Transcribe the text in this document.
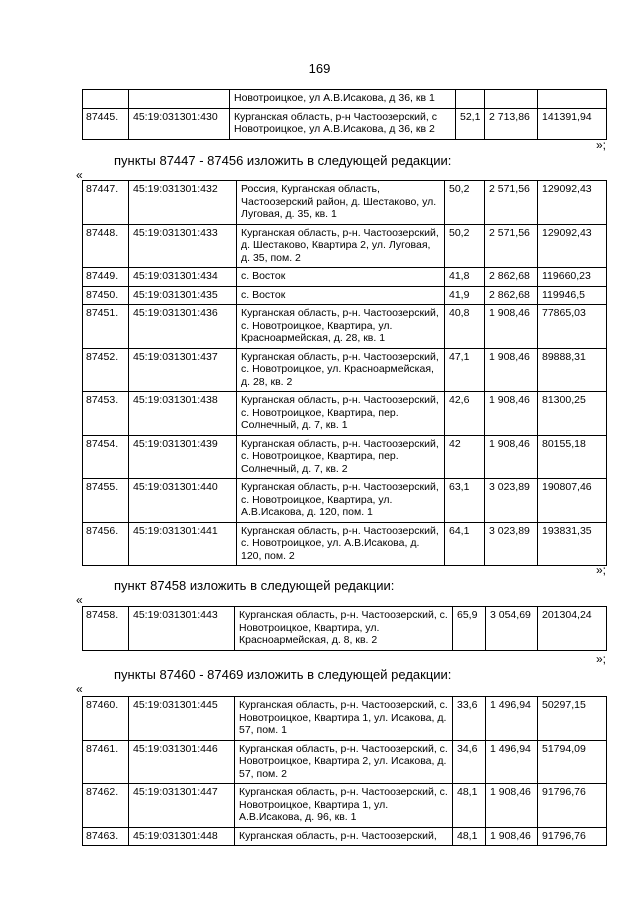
169
		Новотроицкое, ул А.В.Исакова, д 36, кв 1			
87445.	45:19:031301:430	Курганская область, р-н Частоозерский, с Новотроицкое, ул А.В.Исакова, д 36, кв 2	52,1	2 713,86	141391,94
»;
пункты 87447 - 87456 изложить в следующей редакции:
«
87447.	45:19:031301:432	Россия, Курганская область, Частоозерский район, д. Шестаково, ул. Луговая, д. 35, кв. 1	50,2	2 571,56	129092,43
87448.	45:19:031301:433	Курганская область, р-н. Частоозерский, д. Шестаково, Квартира 2, ул. Луговая, д. 35, пом. 2	50,2	2 571,56	129092,43
87449.	45:19:031301:434	с. Восток	41,8	2 862,68	119660,23
87450.	45:19:031301:435	с. Восток	41,9	2 862,68	119946,5
87451.	45:19:031301:436	Курганская область, р-н. Частоозерский, с. Новотроицкое, Квартира, ул. Красноармейская, д. 28, кв. 1	40,8	1 908,46	77865,03
87452.	45:19:031301:437	Курганская область, р-н. Частоозерский, с. Новотроицкое, ул. Красноармейская, д. 28, кв. 2	47,1	1 908,46	89888,31
87453.	45:19:031301:438	Курганская область, р-н. Частоозерский, с. Новотроицкое, Квартира, пер. Солнечный, д. 7, кв. 1	42,6	1 908,46	81300,25
87454.	45:19:031301:439	Курганская область, р-н. Частоозерский, с. Новотроицкое, Квартира, пер. Солнечный, д. 7, кв. 2	42	1 908,46	80155,18
87455.	45:19:031301:440	Курганская область, р-н. Частоозерский, с. Новотроицкое, Квартира, ул. А.В.Исакова, д. 120, пом. 1	63,1	3 023,89	190807,46
87456.	45:19:031301:441	Курганская область, р-н. Частоозерский, с. Новотроицкое, ул. А.В.Исакова, д. 120, пом. 2	64,1	3 023,89	193831,35
»;
пункт 87458 изложить в следующей редакции:
«
87458.	45:19:031301:443	Курганская область, р-н. Частоозерский, с. Новотроицкое, Квартира, ул. Красноармейская, д. 8, кв. 2	65,9	3 054,69	201304,24
»;
пункты 87460 - 87469 изложить в следующей редакции:
«
87460.	45:19:031301:445	Курганская область, р-н. Частоозерский, с. Новотроицкое, Квартира 1, ул. Исакова, д. 57, пом. 1	33,6	1 496,94	50297,15
87461.	45:19:031301:446	Курганская область, р-н. Частоозерский, с. Новотроицкое, Квартира 2, ул. Исакова, д. 57, пом. 2	34,6	1 496,94	51794,09
87462.	45:19:031301:447	Курганская область, р-н. Частоозерский, с. Новотроицкое, Квартира 1, ул. А.В.Исакова, д. 96, кв. 1	48,1	1 908,46	91796,76
87463.	45:19:031301:448	Курганская область, р-н. Частоозерский,	48,1	1 908,46	91796,76
